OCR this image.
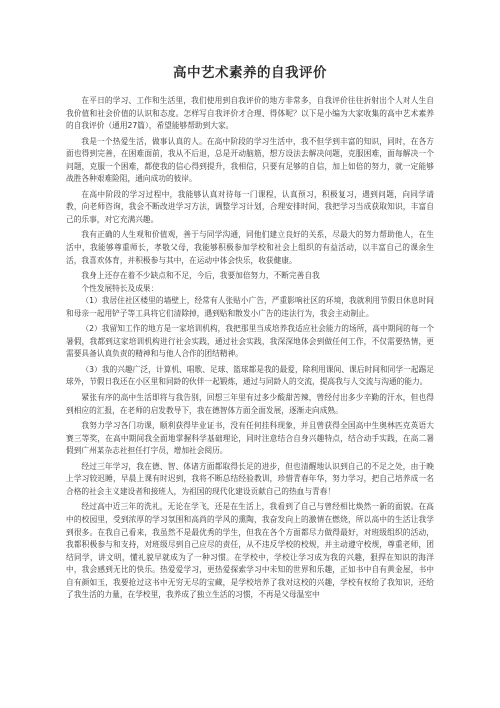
高中艺术素养的自我评价

在平日的学习、工作和生活里，我们使用到自我评价的地方非常多，自我评价往往折射出个人对人生自我价值和社会价值的认识和态度。怎样写自我评价才合理、得体呢？以下是小编为大家收集的高中艺术素养的自我评价（通用27篇），希望能够帮助到大家。

我是一个热爱生活，做事认真的人。在高中阶段的学习生活中，我不但学到丰富的知识，同时，在各方面也得到完善，在困难面前，我从不后退，总是开动脑筋，想方设法去解决问题，克服困难，面每解决一个问题，克服一个困难，都使我的信心得到提升，我相信，只要有足够的自信，加上如倍的努力，就一定能够战胜各种艰难险阻，通向成功的彼岸。

在高中阶段的学习过程中，我能够认真对待每一门课程，认真预习，积极复习，遇到问题，向同学请教，向老师咨询，我会不断改进学习方法，调整学习计划，合理安排时间，我把学习当成获取知识，丰富自己的乐事，对它充满兴趣。

我有正确的人生观和价值观，善于与同学沟通，同他们建立良好的关系，尽最大的努力帮助他人，在生活中，我能够尊重师长，孝敬父母，我能够积极参加学校和社会上组织的有益活动，以丰富自己的课余生活，我喜欢体育，并积极参与其中，在运动中体会快乐，收获健康。

我身上还存在着不少缺点和不足，今后，我要加倍努力，不断完善自我

个性发展特长及成果：

（1）我居住社区楼里的墙壁上，经常有人张贴小广告，严重影响社区的环境，我就利用节假日休息时间和母亲一起用铲子等工具将它们清除掉，遇到贴和散发小广告的违法行为，我会主动制止。

（2）我留知工作的地方是一家培训机构，我把那里当成培养我适应社会能力的场所，高中期间的每一个暑假，我都到这家培训机构进行社会实践，通过社会实践，我深深地体会到做任何工作，不仅需要热情，更需要具备认真负责的精神和与他人合作的团结精神。

（3）我的兴趣广泛，计算机、唱歌、足球、篮球都是我的最爱，除利用课间、课后时间和同学一起踢足球外，节假日我还在小区里和同龄的伙伴一起锻炼，通过与同龄人的交流，提高我与人交流与沟通的能力。

紧张有序的高中生活即将与我告别，回想三年里有过多少酸甜苦辣，曾经付出多少辛勤的汗水，但也得到相应的汇报，在老师的启发教导下，我在德智体方面全面发展，逐渐走向成熟。

我努力学习各门功课，顺利获得毕业证书，没有任何挂科现象，并且曾获得全国高中生奥林匹克英语大赛三等奖，在高中期间我全面地掌握科学基础理论，同时注意结合自身兴趣特点，结合动手实践，在高二暑假到广州某杂志社担任打字员，增加社会阅历。

经过三年学习，我在德、智、体诸方面都取得长足的进步，但也清醒地认识到自己的不足之处，由于晚上学习较迟睡，早晨上课有时迟到，我将不断总结经验教训，珍惜青春年华，努力学习，把自己培养成一名合格的社会主义建设者和接班人，为祖国的现代化建设贡献自己的热血与青春！

经过高中近三年的洗礼，无论在学飞，还是在生活上，我看到了自己与曾经相比焕然一新的面貌。在高中的校园里，受到浓厚的学习氛围和高尚的学风的熏陶，我奋发向上的激情在燃烧，所以高中的生活让我学到很多。在我自己看来，我虽然不是最优秀的学生，但我在各个方面都尽力做得最好，对班级组织的活动，我都积极参与和支持，对班级尽到自己应尽的责任，从不违反学校的校规，并主动遵守校规，尊重老师，团结同学，讲文明，懂礼貌早就成为了一种习惯。在学校中，学校让学习成为我的兴趣，狠捍在知识的海洋中，我会感到无比的快乐。热爱爱学习，更热爱探索学习中未知的世界和乐趣，正如书中自有黄金屋，书中自有颜如玉，我要抢过这书中无穷无尽的宝藏，是学校培养了我对这校的兴趣，学校有权给了我知识，还给了我生活的力量，在学校里，我养成了独立生活的习惯，不再是父母温室中
